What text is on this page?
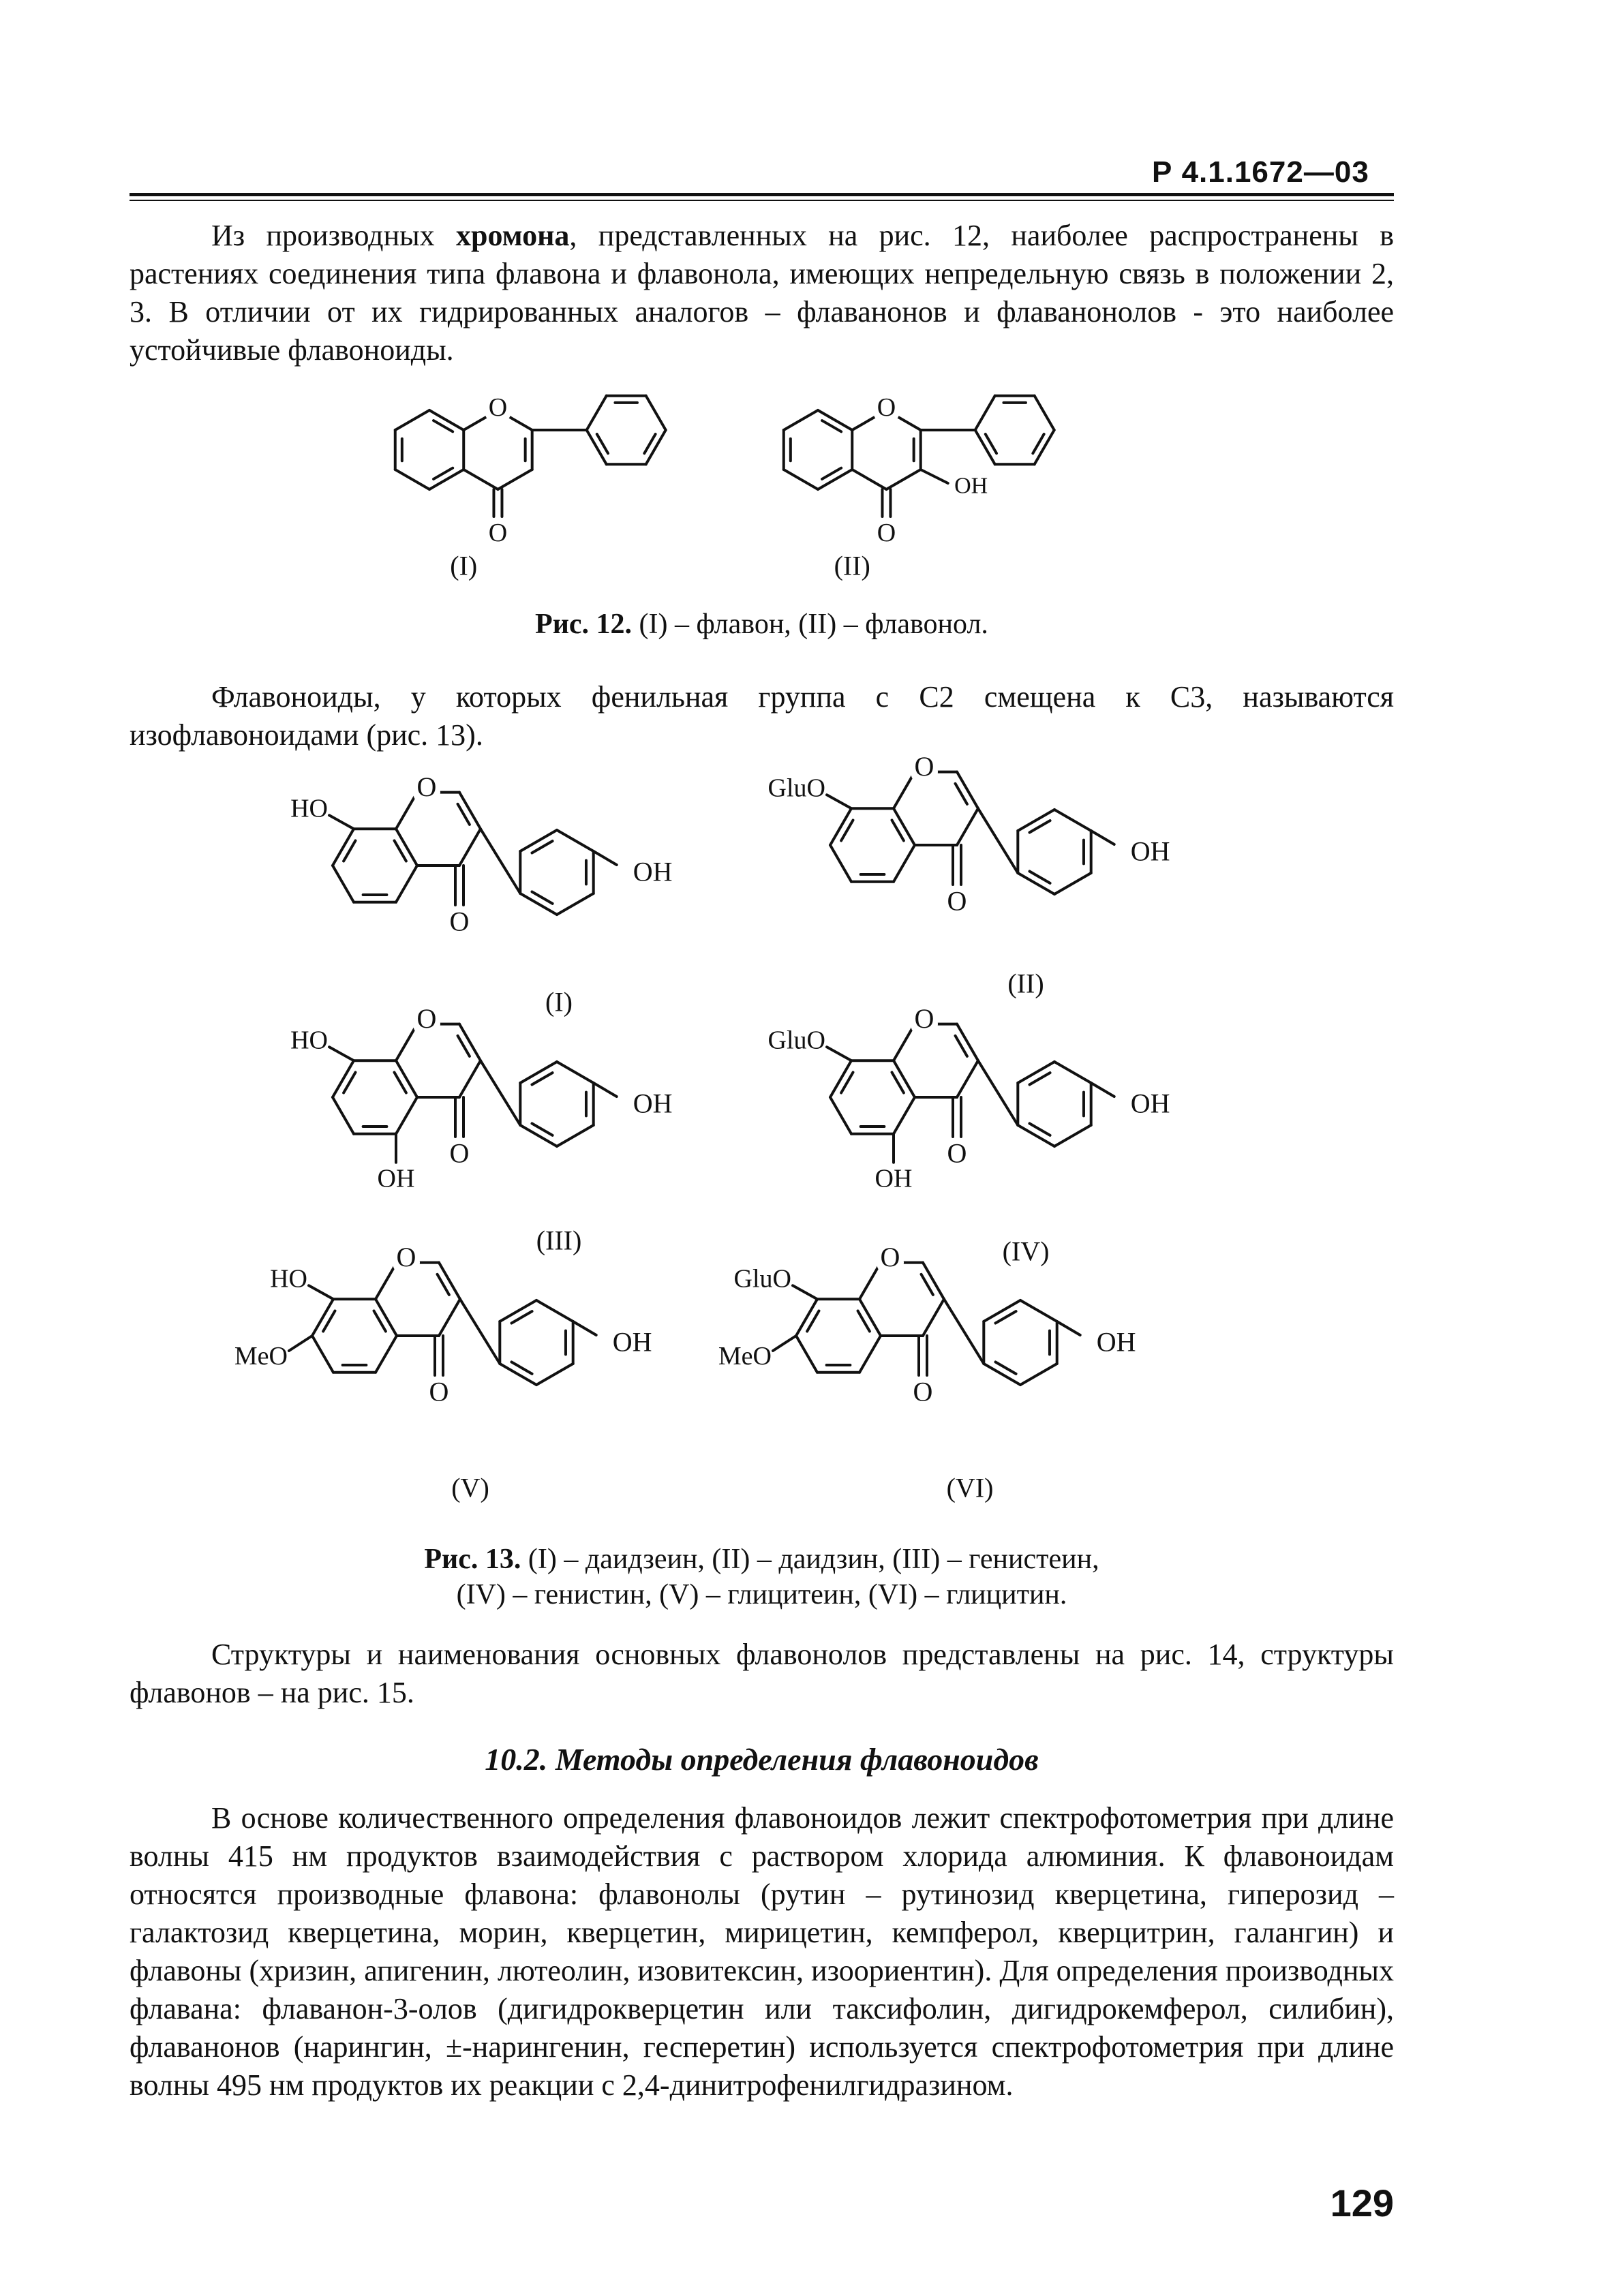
Р 4.1.1672—03

Из производных хромона, представленных на рис. 12, наиболее распространены в растениях соединения типа флавона и флавонола, имеющих непредельную связь в положении 2, 3. В отличии от их гидрированных аналогов – флаванонов и флаванонолов - это наиболее устойчивые флавоноиды.

O
O
(I)
O
O
OH
(II)

Рис. 12. (I) – флавон, (II) – флавонол.

Флавоноиды, у которых фенильная группа с С2 смещена к С3, называются изофлавоноидами (рис. 13).

O
O
OH
HO
(I)
O
O
OH
GluO
(II)
O
O
OH
HO
OH
(III)
O
O
OH
GluO
OH
(IV)
O
O
OH
HO
MeO
(V)
O
O
OH
GluO
MeO
(VI)

Рис. 13. (I) – даидзеин, (II) – даидзин, (III) – генистеин,
(IV) – генистин, (V) – глицитеин, (VI) – глицитин.

Структуры и наименования основных флавонолов представлены на рис. 14, структуры флавонов – на рис. 15.

10.2. Методы определения флавоноидов

В основе количественного определения флавоноидов лежит спектрофотометрия при длине волны 415 нм продуктов взаимодействия с раствором хлорида алюминия. К флавоноидам относятся производные флавона: флавонолы (рутин – рутинозид кверцетина, гиперозид – галактозид кверцетина, морин, кверцетин, мирицетин, кемпферол, кверцитрин, галангин) и флавоны (хризин, апигенин, лютеолин, изовитексин, изоориентин). Для определения производных флавана: флаванон-3-олов (дигидрокверцетин или таксифолин, дигидрокемферол, силибин), флаванонов (нарингин, ±-нарингенин, гесперетин) используется спектрофотометрия при длине волны 495 нм продуктов их реакции с 2,4-динитрофенилгидразином.

129
